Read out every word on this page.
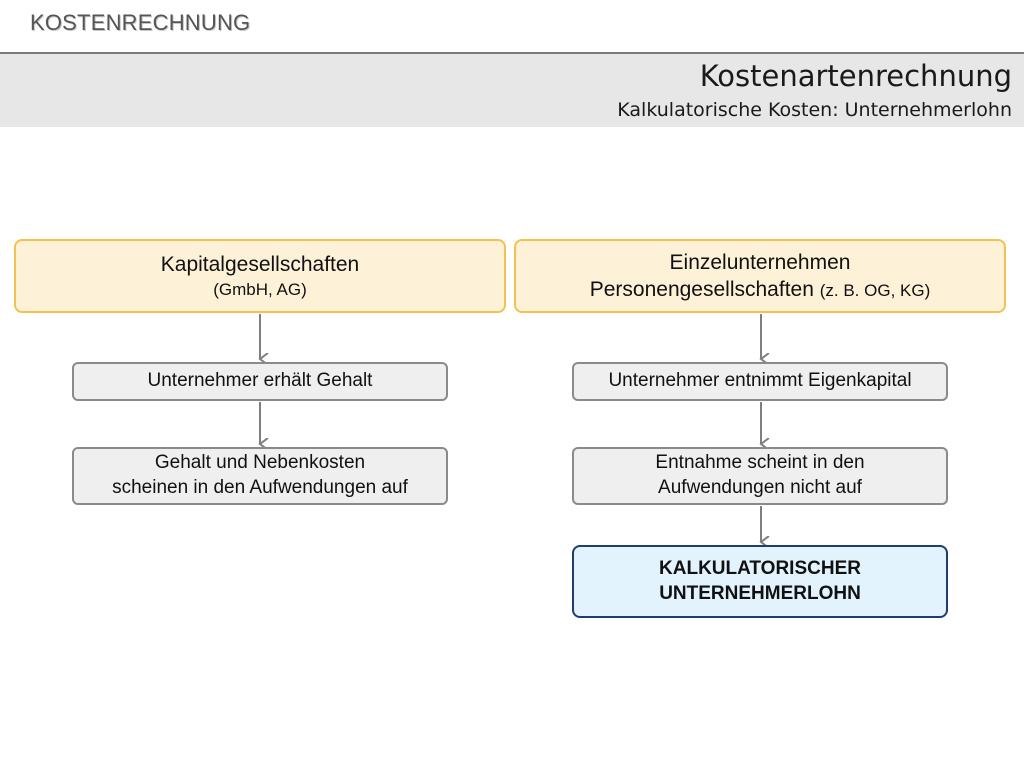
KOSTENRECHNUNG
Kostenartenrechnung
Kalkulatorische Kosten: Unternehmerlohn
Kapitalgesellschaften
(GmbH, AG)
Einzelunternehmen
Personengesellschaften (z. B. OG, KG)
Unternehmer erhält Gehalt
Gehalt und Nebenkosten
scheinen in den Aufwendungen auf
Unternehmer entnimmt Eigenkapital
Entnahme scheint in den
Aufwendungen nicht auf
KALKULATORISCHER
UNTERNEHMERLOHN
